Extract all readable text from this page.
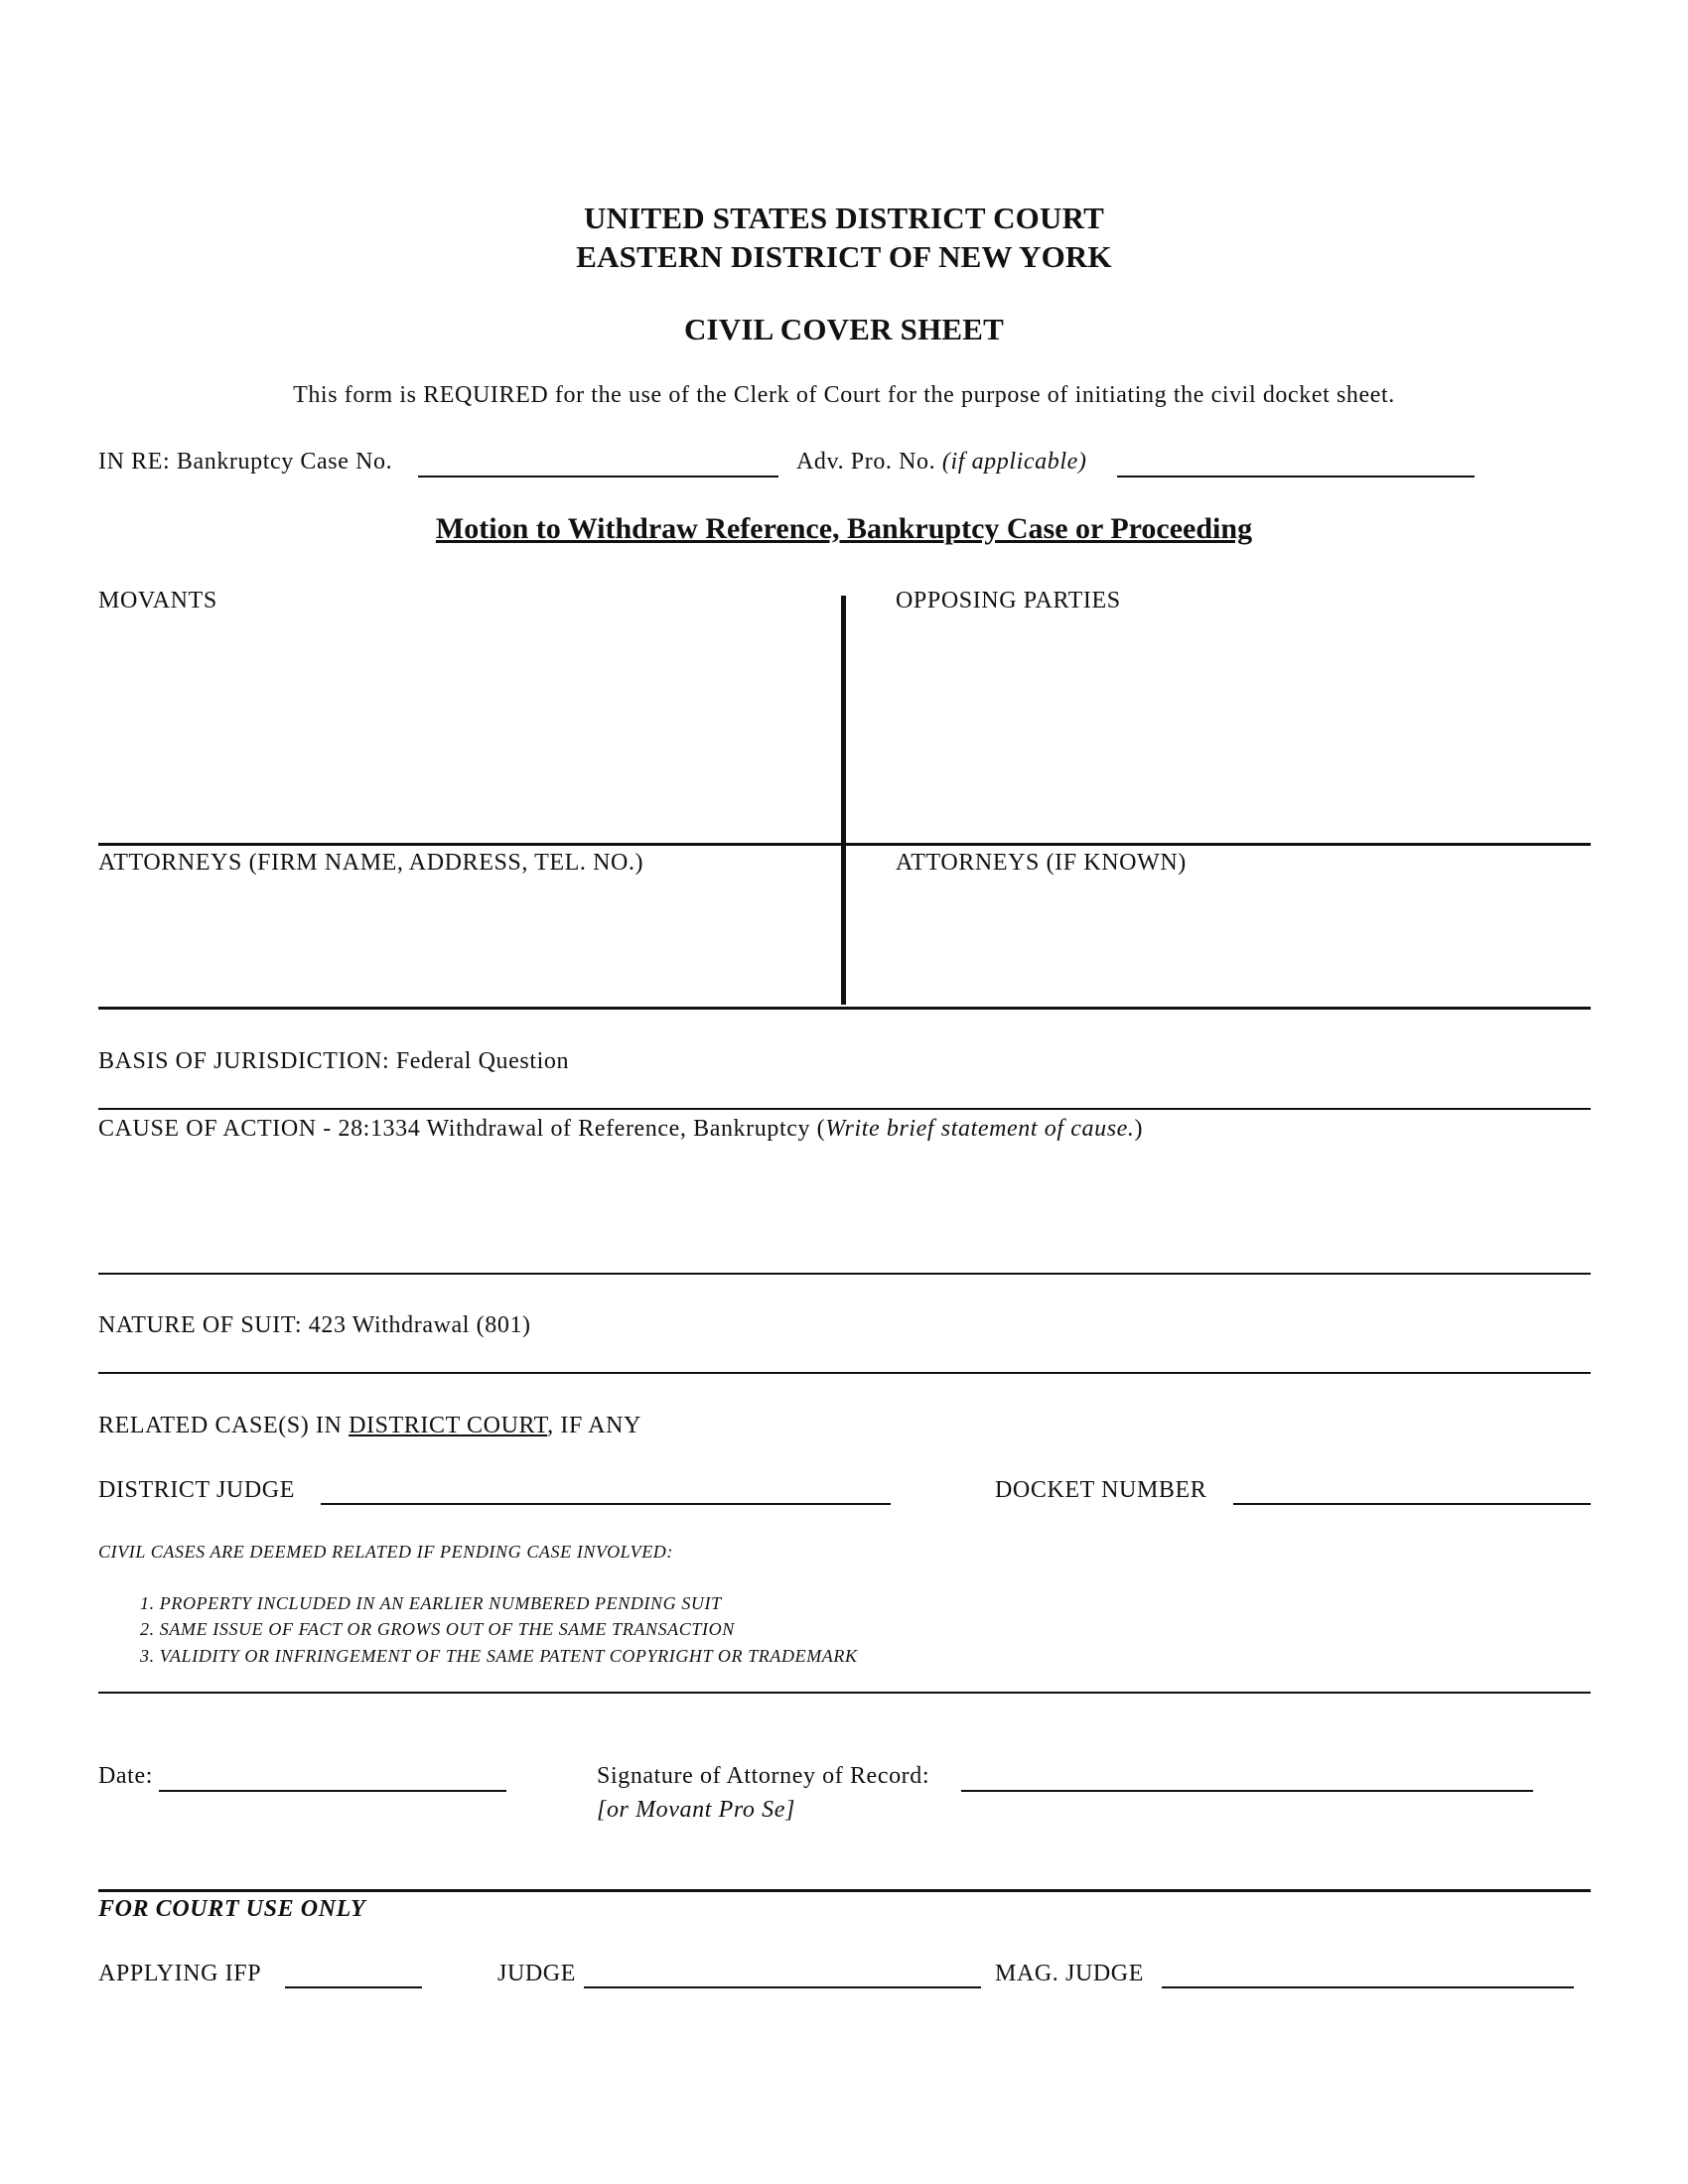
UNITED STATES DISTRICT COURT
EASTERN DISTRICT OF NEW YORK
CIVIL COVER SHEET
This form is REQUIRED for the use of the Clerk of Court for the purpose of initiating the civil docket sheet.
IN RE: Bankruptcy Case No.	Adv. Pro. No. (if applicable)
Motion to Withdraw Reference, Bankruptcy Case or Proceeding
MOVANTS	OPPOSING PARTIES
ATTORNEYS (FIRM NAME, ADDRESS, TEL. NO.)	ATTORNEYS (IF KNOWN)
BASIS OF JURISDICTION: Federal Question
CAUSE OF ACTION - 28:1334 Withdrawal of Reference, Bankruptcy (Write brief statement of cause.)
NATURE OF SUIT: 423 Withdrawal (801)
RELATED CASE(S) IN DISTRICT COURT, IF ANY
DISTRICT JUDGE	DOCKET NUMBER
CIVIL CASES ARE DEEMED RELATED IF PENDING CASE INVOLVED:
1. PROPERTY INCLUDED IN AN EARLIER NUMBERED PENDING SUIT
2. SAME ISSUE OF FACT OR GROWS OUT OF THE SAME TRANSACTION
3. VALIDITY OR INFRINGEMENT OF THE SAME PATENT COPYRIGHT OR TRADEMARK
Date:	Signature of Attorney of Record:
[or Movant Pro Se]
FOR COURT USE ONLY
APPLYING IFP	JUDGE	MAG. JUDGE
